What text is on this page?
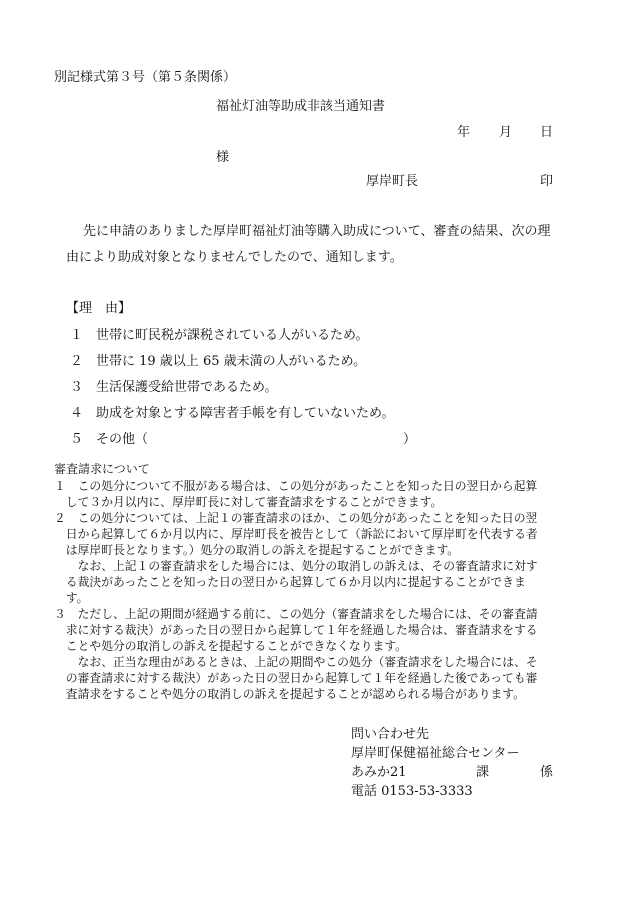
別記様式第３号（第５条関係）
福祉灯油等助成非該当通知書
年 月 日
様
厚岸町長	印
先に申請のありました厚岸町福祉灯油等購入助成について、審査の結果、次の理
由により助成対象となりませんでしたので、通知します。
【理　由】
１ 世帯に町民税が課税されている人がいるため。
２ 世帯に 19 歳以上 65 歳未満の人がいるため。
３ 生活保護受給世帯であるため。
４ 助成を対象とする障害者手帳を有していないため。
５ その他（	）
審査請求について
１　この処分について不服がある場合は、この処分があったことを知った日の翌日から起算
　して３か月以内に、厚岸町長に対して審査請求をすることができます。
２　この処分については、上記１の審査請求のほか、この処分があったことを知った日の翌
　日から起算して６か月以内に、厚岸町長を被告として（訴訟において厚岸町を代表する者
　は厚岸町長となります。）処分の取消しの訴えを提起することができます。
　　なお、上記１の審査請求をした場合には、処分の取消しの訴えは、その審査請求に対す
　る裁決があったことを知った日の翌日から起算して６か月以内に提起することができま
　す。
３　ただし、上記の期間が経過する前に、この処分（審査請求をした場合には、その審査請
　求に対する裁決）があった日の翌日から起算して１年を経過した場合は、審査請求をする
　ことや処分の取消しの訴えを提起することができなくなります。
　　なお、正当な理由があるときは、上記の期間やこの処分（審査請求をした場合には、そ
　の審査請求に対する裁決）があった日の翌日から起算して１年を経過した後であっても審
　査請求をすることや処分の取消しの訴えを提起することが認められる場合があります。
問い合わせ先
厚岸町保健福祉総合センター
あみか21	課	係
電話 0153-53-3333
